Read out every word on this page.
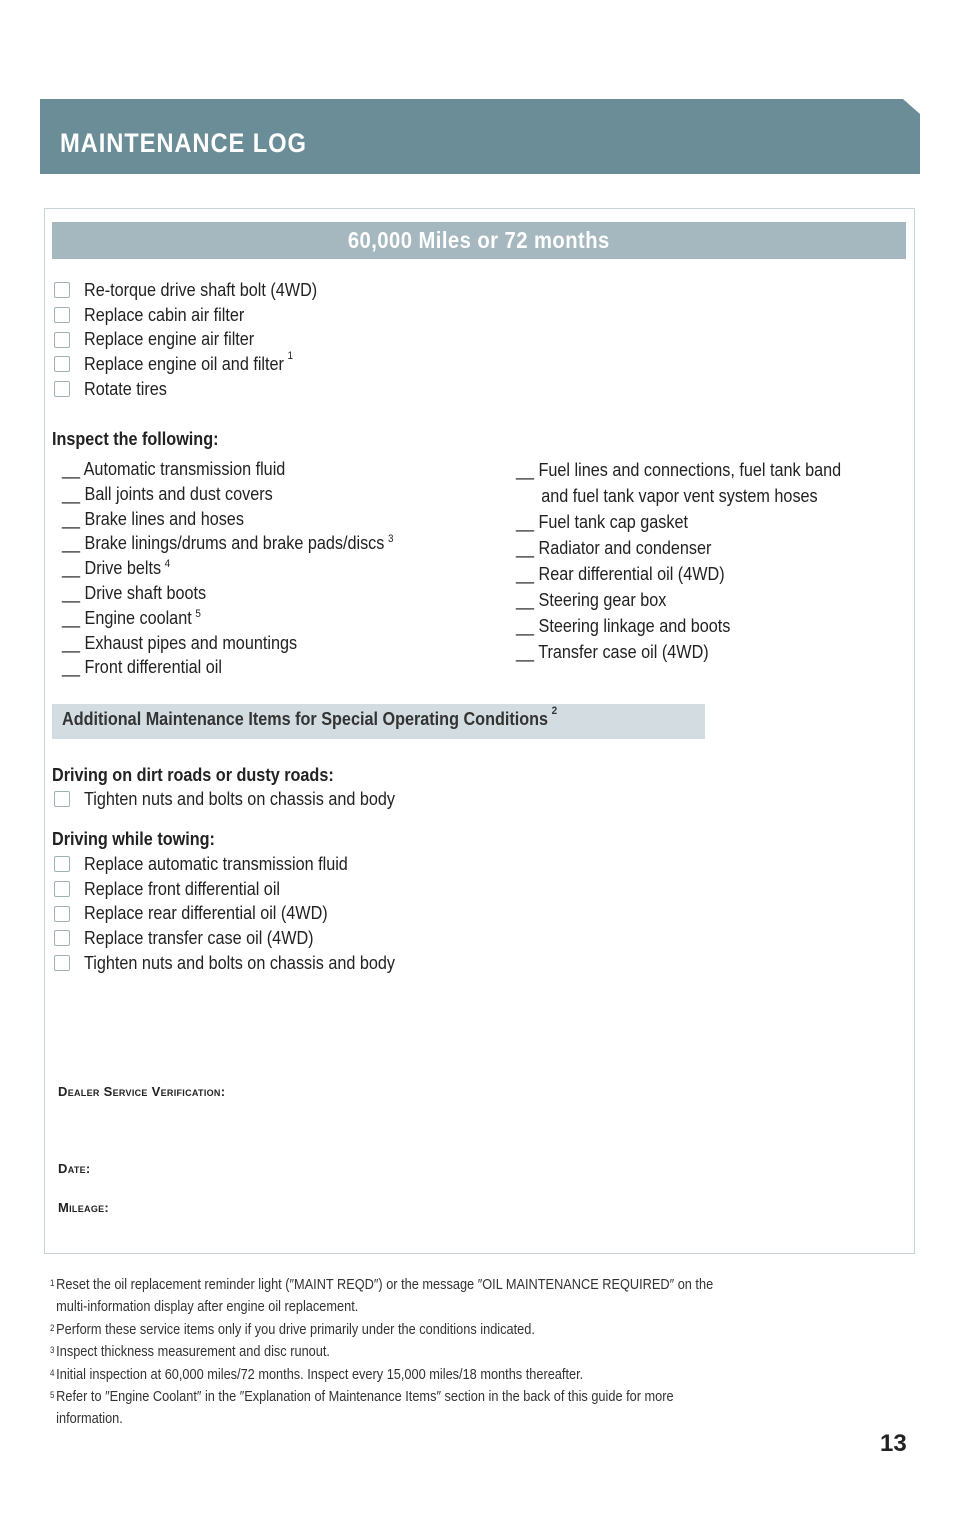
MAINTENANCE LOG
60,000 Miles or 72 months
Re-torque drive shaft bolt (4WD)
Replace cabin air filter
Replace engine air filter
Replace engine oil and filter $^1$
Rotate tires
Inspect the following:
__ Automatic transmission fluid
__ Ball joints and dust covers
__ Brake lines and hoses
__ Brake linings/drums and brake pads/discs $^3$
__ Drive belts $^4$
__ Drive shaft boots
__ Engine coolant $^5$
__ Exhaust pipes and mountings
__ Front differential oil
__ Fuel lines and connections, fuel tank band
and fuel tank vapor vent system hoses
__ Fuel tank cap gasket
__ Radiator and condenser
__ Rear differential oil (4WD)
__ Steering gear box
__ Steering linkage and boots
__ Transfer case oil (4WD)
Additional Maintenance Items for Special Operating Conditions $^2$
Driving on dirt roads or dusty roads:
Tighten nuts and bolts on chassis and body
Driving while towing:
Replace automatic transmission fluid
Replace front differential oil
Replace rear differential oil (4WD)
Replace transfer case oil (4WD)
Tighten nuts and bolts on chassis and body
Dealer Service Verification:
Date:
Mileage:
$^1$ Reset the oil replacement reminder light (″MAINT REQD″) or the message ″OIL MAINTENANCE REQUIRED″ on the
multi-information display after engine oil replacement.
$^2$ Perform these service items only if you drive primarily under the conditions indicated.
$^3$ Inspect thickness measurement and disc runout.
$^4$ Initial inspection at 60,000 miles/72 months. Inspect every 15,000 miles/18 months thereafter.
$^5$ Refer to ″Engine Coolant″ in the ″Explanation of Maintenance Items″ section in the back of this guide for more
information.
13
